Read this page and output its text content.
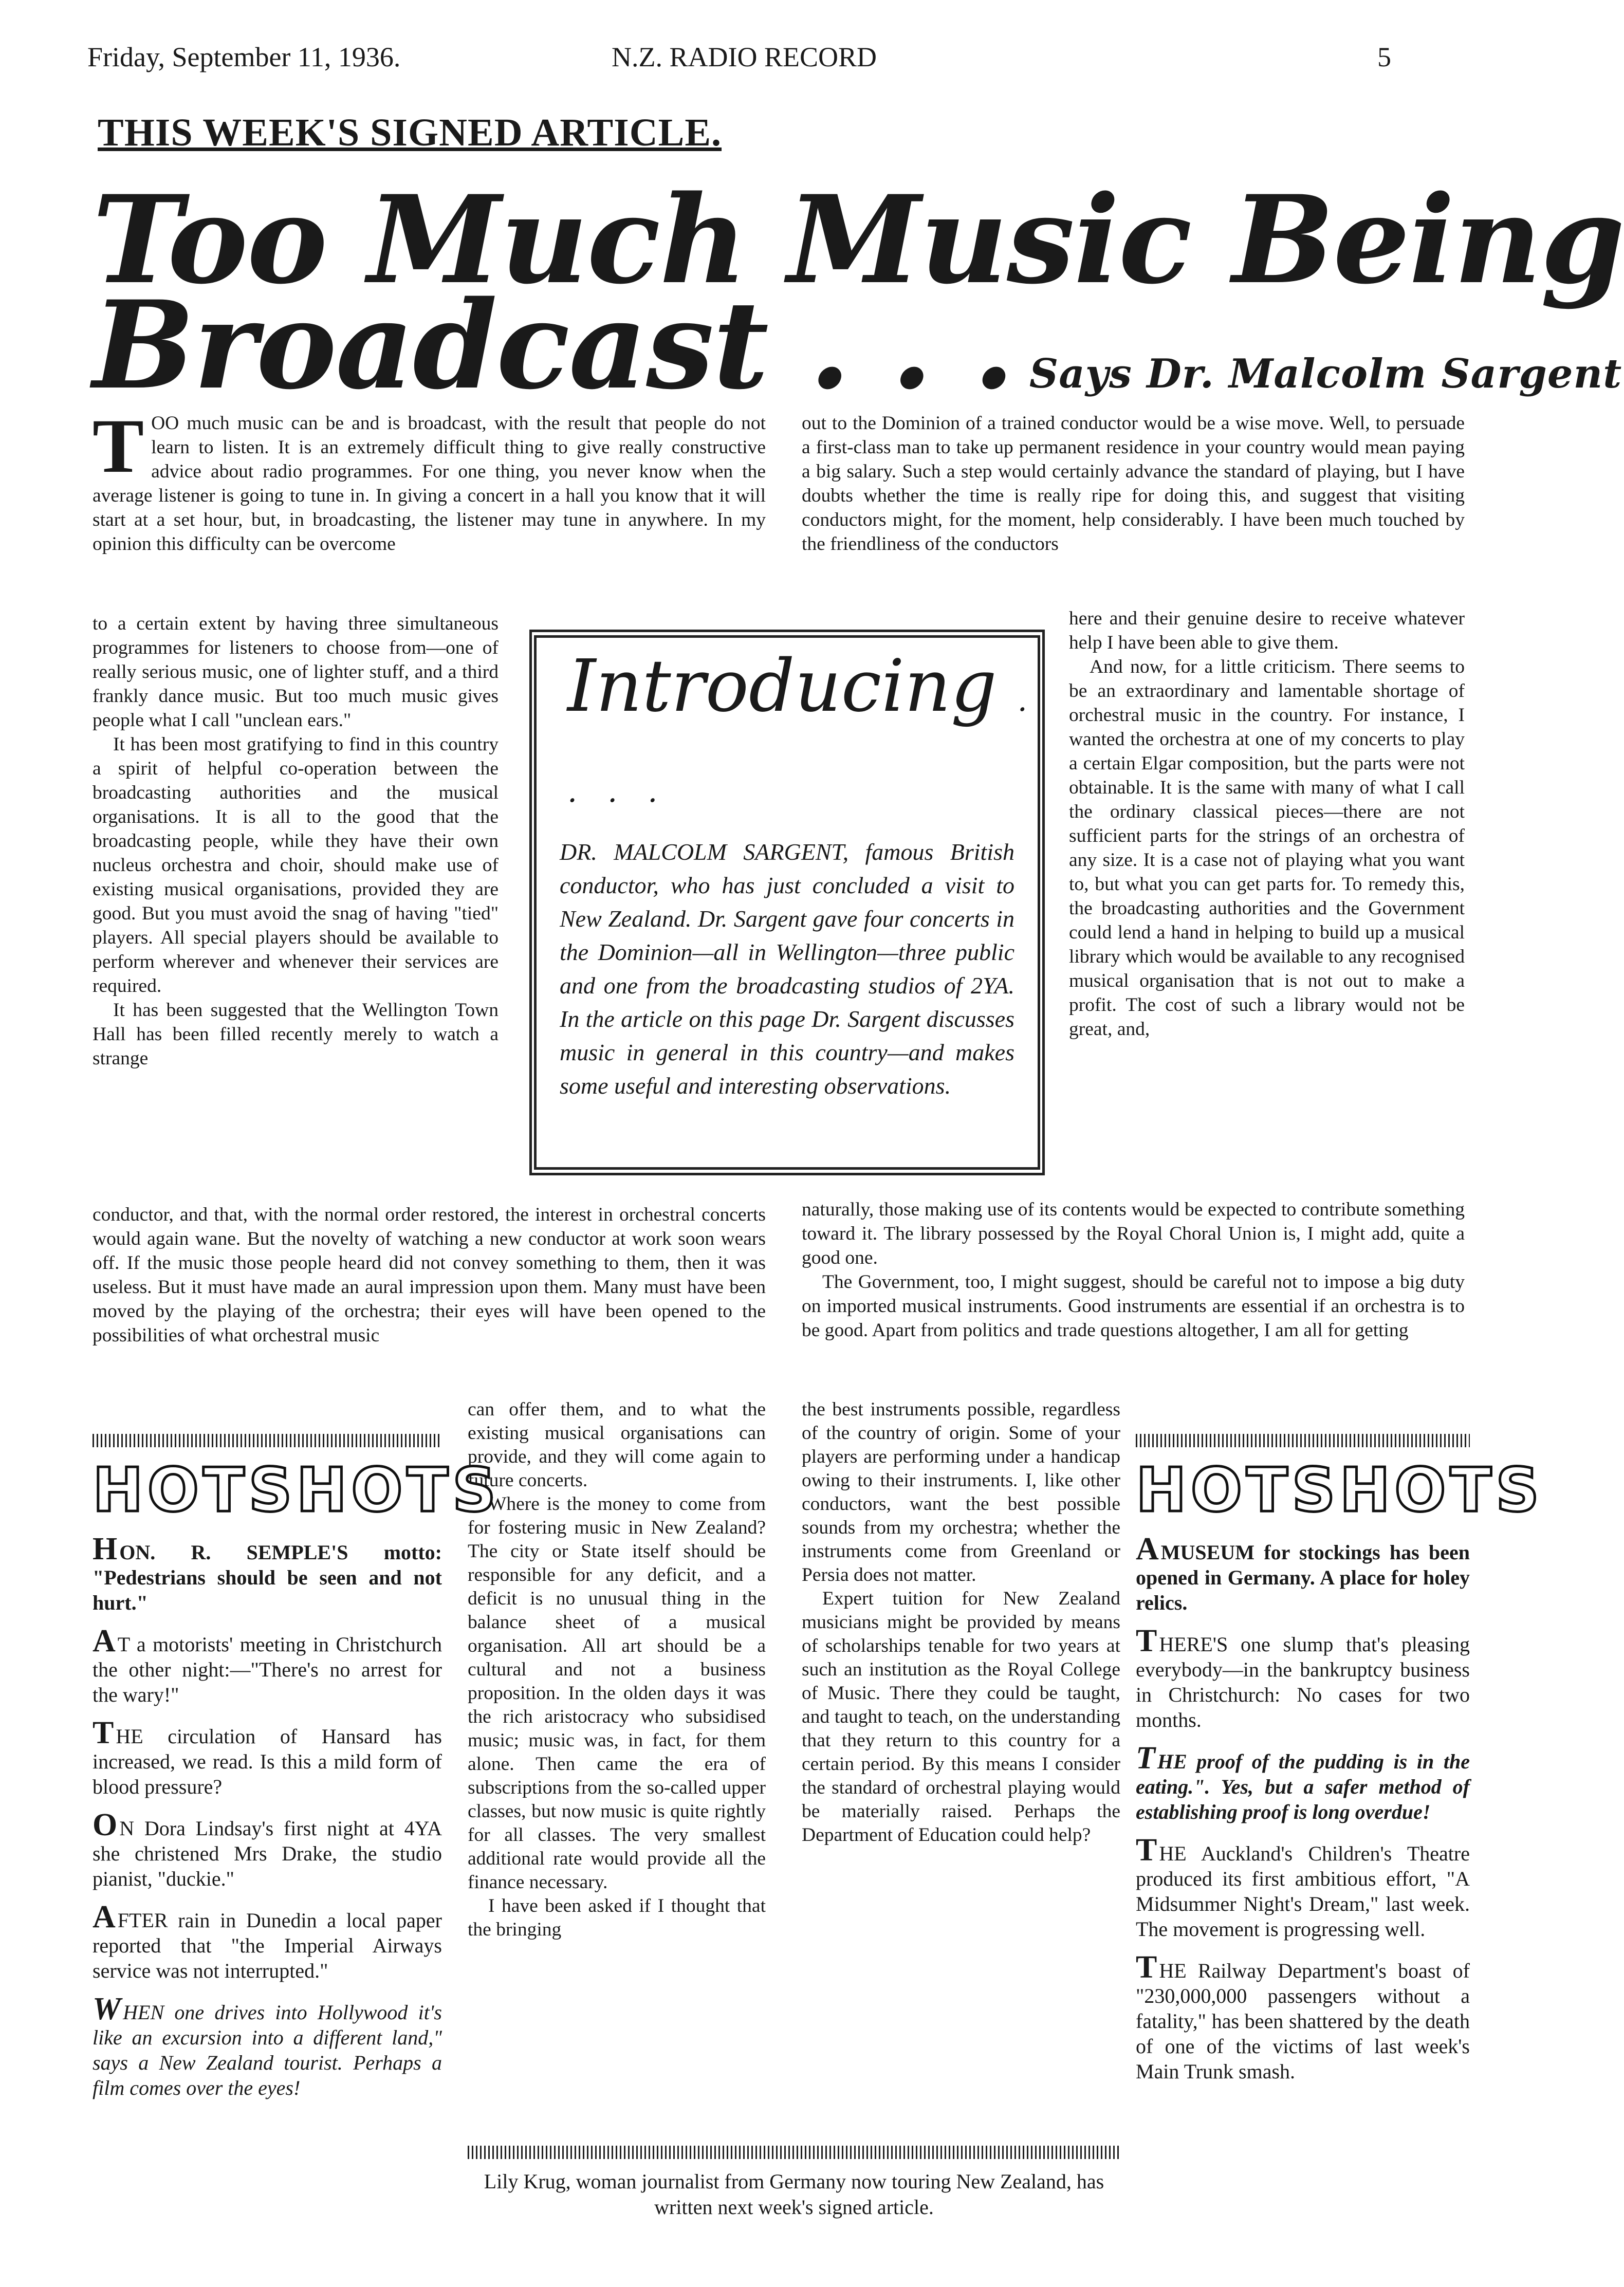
Friday, September 11, 1936.	N.Z. RADIO RECORD	5
THIS WEEK'S SIGNED ARTICLE.
Too Much Music Being
Broadcast . . . Says Dr. Malcolm Sargent

TOO much music can be and is broadcast, with the result that people do not learn to listen. It is an extremely difficult thing to give really constructive advice about radio programmes. For one thing, you never know when the average listener is going to tune in. In giving a concert in a hall you know that it will start at a set hour, but, in broadcasting, the listener may tune in anywhere. In my opinion this difficulty can be overcome

to a certain extent by having three simultaneous programmes for listeners to choose from—one of really serious music, one of lighter stuff, and a third frankly dance music. But too much music gives people what I call "unclean ears."

It has been most gratifying to find in this country a spirit of helpful co-operation between the broadcasting authorities and the musical organisations. It is all to the good that the broadcasting people, while they have their own nucleus orchestra and choir, should make use of existing musical organisations, provided they are good. But you must avoid the snag of having "tied" players. All special players should be available to perform wherever and whenever their services are required.

It has been suggested that the Wellington Town Hall has been filled recently merely to watch a strange

Introducing . . . .
DR. MALCOLM SARGENT, famous British conductor, who has just concluded a visit to New Zealand. Dr. Sargent gave four concerts in the Dominion—all in Wellington—three public and one from the broadcasting studios of 2YA. In the article on this page Dr. Sargent discusses music in general in this country—and makes some useful and interesting observations.

conductor, and that, with the normal order restored, the interest in orchestral concerts would again wane. But the novelty of watching a new conductor at work soon wears off. If the music those people heard did not convey something to them, then it was useless. But it must have made an aural impression upon them. Many must have been moved by the playing of the orchestra; their eyes will have been opened to the possibilities of what orchestral music

can offer them, and to what the existing musical organisations can provide, and they will come again to future concerts.

Where is the money to come from for fostering music in New Zealand? The city or State itself should be responsible for any deficit, and a deficit is no unusual thing in the balance sheet of a musical organisation. All art should be a cultural and not a business proposition. In the olden days it was the rich aristocracy who subsidised music; music was, in fact, for them alone. Then came the era of subscriptions from the so-called upper classes, but now music is quite rightly for all classes. The very smallest additional rate would provide all the finance necessary.

I have been asked if I thought that the bringing

out to the Dominion of a trained conductor would be a wise move. Well, to persuade a first-class man to take up permanent residence in your country would mean paying a big salary. Such a step would certainly advance the standard of playing, but I have doubts whether the time is really ripe for doing this, and suggest that visiting conductors might, for the moment, help considerably. I have been much touched by the friendliness of the conductors

here and their genuine desire to receive whatever help I have been able to give them.

And now, for a little criticism. There seems to be an extraordinary and lamentable shortage of orchestral music in the country. For instance, I wanted the orchestra at one of my concerts to play a certain Elgar composition, but the parts were not obtainable. It is the same with many of what I call the ordinary classical pieces—there are not sufficient parts for the strings of an orchestra of any size. It is a case not of playing what you want to, but what you can get parts for. To remedy this, the broadcasting authorities and the Government could lend a hand in helping to build up a musical library which would be available to any recognised musical organisation that is not out to make a profit. The cost of such a library would not be great, and,

naturally, those making use of its contents would be expected to contribute something toward it. The library possessed by the Royal Choral Union is, I might add, quite a good one.

The Government, too, I might suggest, should be careful not to impose a big duty on imported musical instruments. Good instruments are essential if an orchestra is to be good. Apart from politics and trade questions altogether, I am all for getting

the best instruments possible, regardless of the country of origin. Some of your players are performing under a handicap owing to their instruments. I, like other conductors, want the best possible sounds from my orchestra; whether the instruments come from Greenland or Persia does not matter.

Expert tuition for New Zealand musicians might be provided by means of scholarships tenable for two years at such an institution as the Royal College of Music. There they could be taught, and taught to teach, on the understanding that they return to this country for a certain period. By this means I consider the standard of orchestral playing would be materially raised. Perhaps the Department of Education could help?

HOTSHOTS

HON. R. SEMPLE'S motto: "Pedestrians should be seen and not hurt."

A T a motorists' meeting in Christchurch the other night:—"There's no arrest for the wary!"

THE circulation of Hansard has increased, we read. Is this a mild form of blood pressure?

O N Dora Lindsay's first night at 4YA she christened Mrs Drake, the studio pianist, "duckie."

AFTER rain in Dunedin a local paper reported that "the Imperial Airways service was not interrupted."

WHEN one drives into Hollywood it's like an excursion into a different land," says a New Zealand tourist. Perhaps a film comes over the eyes!

HOTSHOTS

AMUSEUM for stockings has been opened in Germany. A place for holey relics.

THERE'S one slump that's pleasing everybody—in the bankruptcy business in Christchurch: No cases for two months.

THE proof of the pudding is in the eating.". Yes, but a safer method of establishing proof is long overdue!

THE Auckland's Children's Theatre produced its first ambitious effort, "A Midsummer Night's Dream," last week. The movement is progressing well.

THE Railway Department's boast of "230,000,000 passengers without a fatality," has been shattered by the death of one of the victims of last week's Main Trunk smash.

Lily Krug, woman journalist from Germany now touring New Zealand, has written next week's signed article.
